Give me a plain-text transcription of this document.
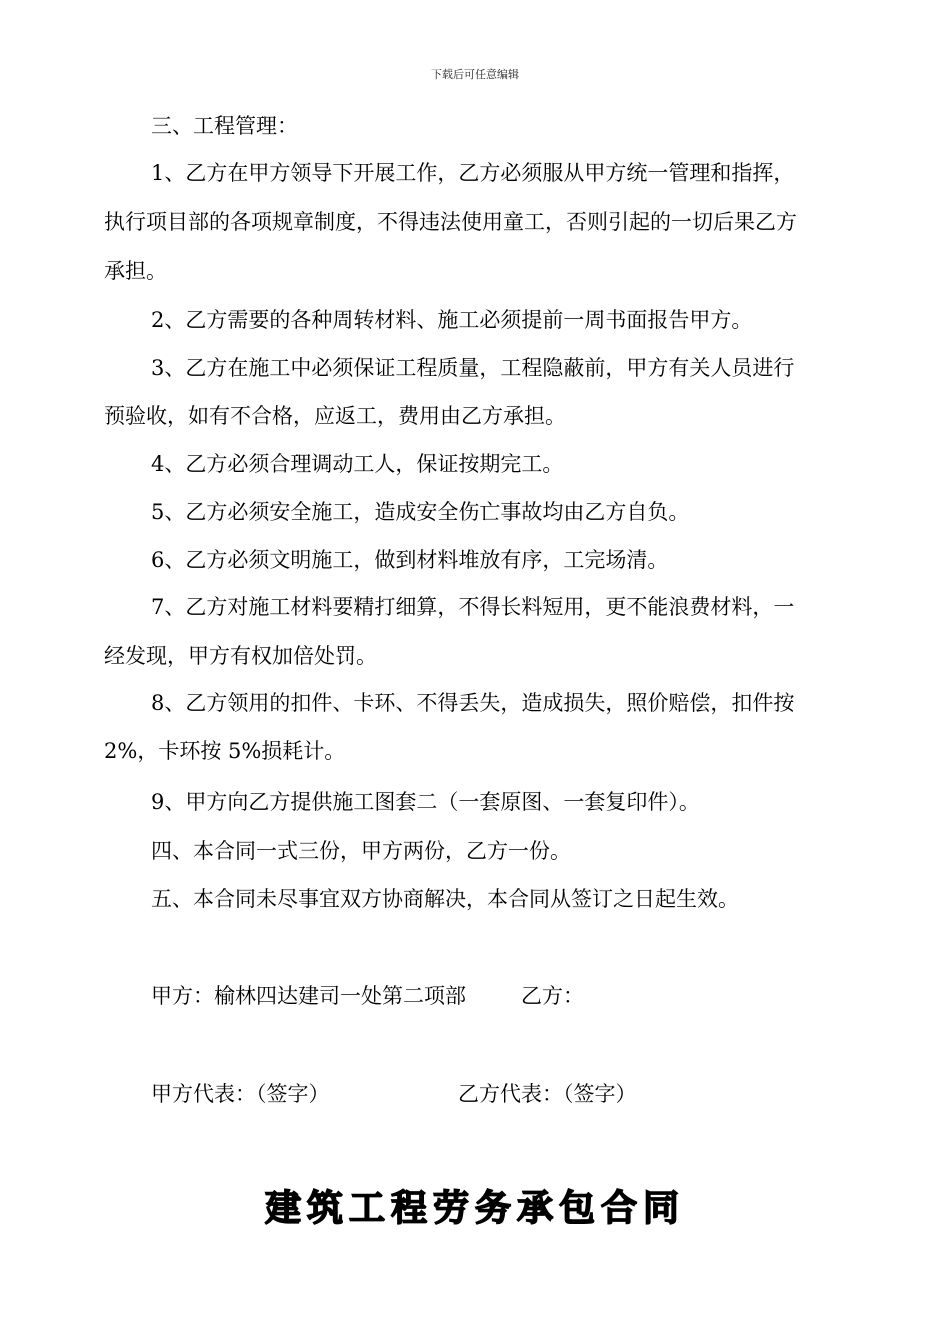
下载后可任意编辑
三、工程管理：
1、乙方在甲方领导下开展工作，乙方必须服从甲方统一管理和指挥，
执行项目部的各项规章制度，不得违法使用童工，否则引起的一切后果乙方
承担。
2、乙方需要的各种周转材料、施工必须提前一周书面报告甲方。
3、乙方在施工中必须保证工程质量，工程隐蔽前，甲方有关人员进行
预验收，如有不合格，应返工，费用由乙方承担。
4、乙方必须合理调动工人，保证按期完工。
5、乙方必须安全施工，造成安全伤亡事故均由乙方自负。
6、乙方必须文明施工，做到材料堆放有序，工完场清。
7、乙方对施工材料要精打细算，不得长料短用，更不能浪费材料，一
经发现，甲方有权加倍处罚。
8、乙方领用的扣件、卡环、不得丢失，造成损失，照价赔偿，扣件按
2%，卡环按 5%损耗计。
9、甲方向乙方提供施工图套二（一套原图、一套复印件）。
四、本合同一式三份，甲方两份，乙方一份。
五、本合同未尽事宜双方协商解决，本合同从签订之日起生效。
甲方：榆林四达建司一处第二项部	乙方：
甲方代表：（签字）	乙方代表：（签字）
建筑工程劳务承包合同
